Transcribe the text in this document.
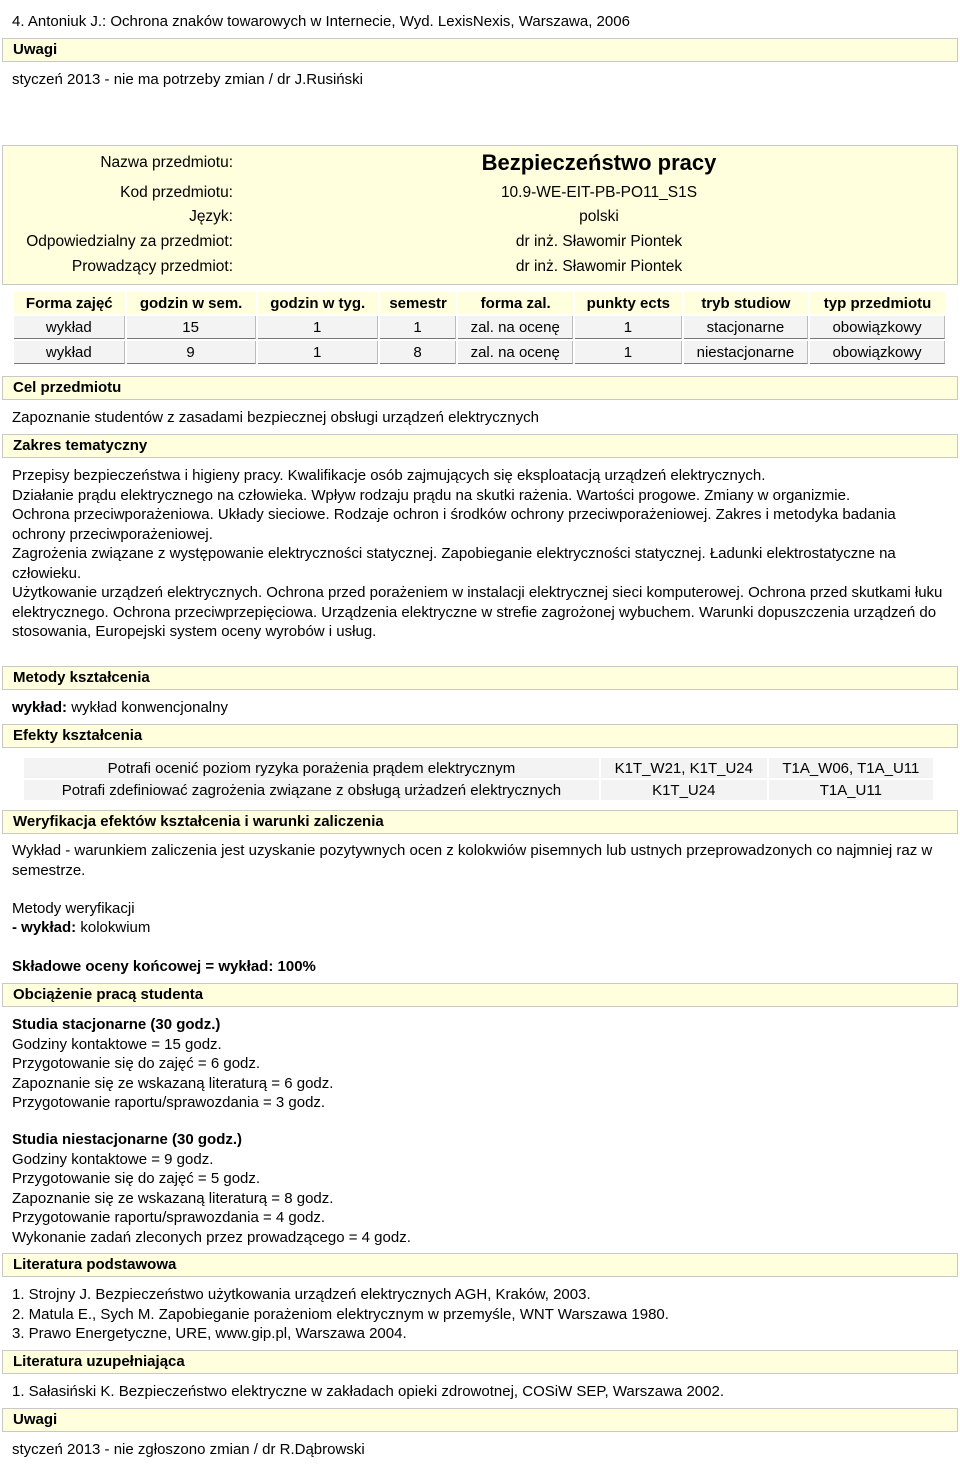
4. Antoniuk J.: Ochrona znaków towarowych w Internecie, Wyd. LexisNexis, Warszawa, 2006
Uwagi
styczeń 2013 - nie ma potrzeby zmian / dr J.Rusiński
Nazwa przedmiotu:	Bezpieczeństwo pracy
Kod przedmiotu:	10.9-WE-EIT-PB-PO11_S1S
Język:	polski
Odpowiedzialny za przedmiot:	dr inż. Sławomir Piontek
Prowadzący przedmiot:	dr inż. Sławomir Piontek
Forma zajęć	godzin w sem.	godzin w tyg.	semestr	forma zal.	punkty ects	tryb studiow	typ przedmiotu
wykład	15	1	1	zal. na ocenę	1	stacjonarne	obowiązkowy
wykład	9	1	8	zal. na ocenę	1	niestacjonarne	obowiązkowy
Cel przedmiotu
Zapoznanie studentów z zasadami bezpiecznej obsługi urządzeń elektrycznych
Zakres tematyczny
Przepisy bezpieczeństwa i higieny pracy. Kwalifikacje osób zajmujących się eksploatacją urządzeń elektrycznych.
Działanie prądu elektrycznego na człowieka. Wpływ rodzaju prądu na skutki rażenia. Wartości progowe. Zmiany w organizmie.
Ochrona przeciwporażeniowa. Układy sieciowe. Rodzaje ochron i środków ochrony przeciwporażeniowej. Zakres i metodyka badania ochrony przeciwporażeniowej.
Zagrożenia związane z występowanie elektryczności statycznej. Zapobieganie elektryczności statycznej. Ładunki elektrostatyczne na człowieku.
Użytkowanie urządzeń elektrycznych. Ochrona przed porażeniem w instalacji elektrycznej sieci komputerowej. Ochrona przed skutkami łuku elektrycznego. Ochrona przeciwprzepięciowa. Urządzenia elektryczne w strefie zagrożonej wybuchem. Warunki dopuszczenia urządzeń do stosowania, Europejski system oceny wyrobów i usług.
Metody kształcenia
wykład: wykład konwencjonalny
Efekty kształcenia
Potrafi ocenić poziom ryzyka porażenia prądem elektrycznym	K1T_W21, K1T_U24	T1A_W06, T1A_U11
Potrafi zdefiniować zagrożenia związane z obsługą urżadzeń elektrycznych	K1T_U24	T1A_U11
Weryfikacja efektów kształcenia i warunki zaliczenia
Wykład - warunkiem zaliczenia jest uzyskanie pozytywnych ocen z kolokwiów pisemnych lub ustnych przeprowadzonych co najmniej raz w semestrze.
Metody weryfikacji
- wykład: kolokwium
Składowe oceny końcowej = wykład: 100%
Obciążenie pracą studenta
Studia stacjonarne (30 godz.)
Godziny kontaktowe = 15 godz.
Przygotowanie się do zajęć = 6 godz.
Zapoznanie się ze wskazaną literaturą = 6 godz.
Przygotowanie raportu/sprawozdania = 3 godz.
Studia niestacjonarne (30 godz.)
Godziny kontaktowe = 9 godz.
Przygotowanie się do zajęć = 5 godz.
Zapoznanie się ze wskazaną literaturą = 8 godz.
Przygotowanie raportu/sprawozdania = 4 godz.
Wykonanie zadań zleconych przez prowadzącego = 4 godz.
Literatura podstawowa
1. Strojny J. Bezpieczeństwo użytkowania urządzeń elektrycznych AGH, Kraków, 2003.
2. Matula E., Sych M. Zapobieganie porażeniom elektrycznym w przemyśle, WNT Warszawa 1980.
3. Prawo Energetyczne, URE, www.gip.pl, Warszawa 2004.
Literatura uzupełniająca
1. Sałasiński K. Bezpieczeństwo elektryczne w zakładach opieki zdrowotnej, COSiW SEP, Warszawa 2002.
Uwagi
styczeń 2013 - nie zgłoszono zmian / dr R.Dąbrowski
